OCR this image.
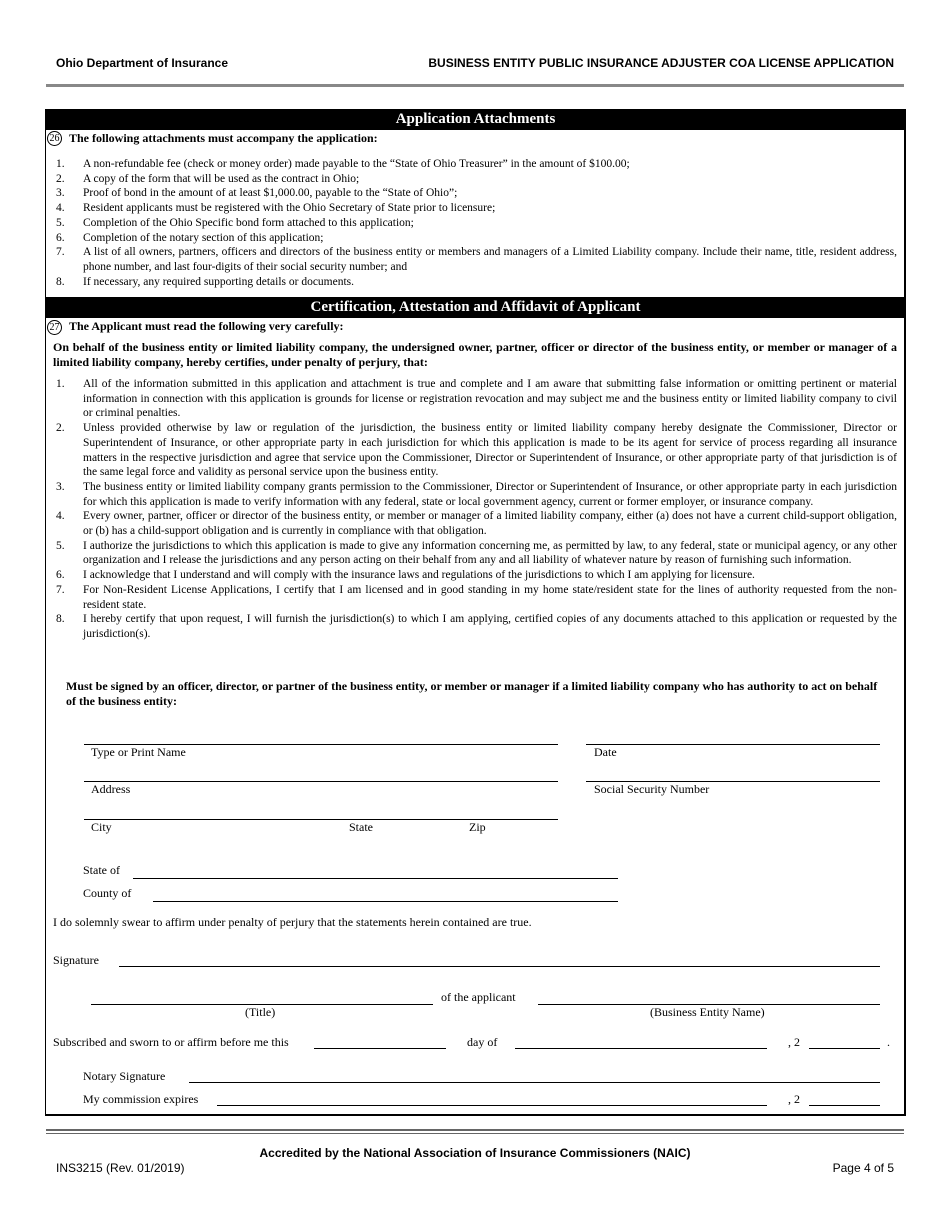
Ohio Department of Insurance	BUSINESS ENTITY PUBLIC INSURANCE ADJUSTER COA LICENSE APPLICATION
Application Attachments
26 The following attachments must accompany the application:
1. A non-refundable fee (check or money order) made payable to the “State of Ohio Treasurer” in the amount of $100.00;
2. A copy of the form that will be used as the contract in Ohio;
3. Proof of bond in the amount of at least $1,000.00, payable to the “State of Ohio”;
4. Resident applicants must be registered with the Ohio Secretary of State prior to licensure;
5. Completion of the Ohio Specific bond form attached to this application;
6. Completion of the notary section of this application;
7. A list of all owners, partners, officers and directors of the business entity or members and managers of a Limited Liability company. Include their name, title, resident address, phone number, and last four-digits of their social security number; and
8. If necessary, any required supporting details or documents.
Certification, Attestation and Affidavit of Applicant
27 The Applicant must read the following very carefully:
On behalf of the business entity or limited liability company, the undersigned owner, partner, officer or director of the business entity, or member or manager of a limited liability company, hereby certifies, under penalty of perjury, that:
1. All of the information submitted in this application and attachment is true and complete and I am aware that submitting false information or omitting pertinent or material information in connection with this application is grounds for license or registration revocation and may subject me and the business entity or limited liability company to civil or criminal penalties.
2. Unless provided otherwise by law or regulation of the jurisdiction, the business entity or limited liability company hereby designate the Commissioner, Director or Superintendent of Insurance, or other appropriate party in each jurisdiction for which this application is made to be its agent for service of process regarding all insurance matters in the respective jurisdiction and agree that service upon the Commissioner, Director or Superintendent of Insurance, or other appropriate party of that jurisdiction is of the same legal force and validity as personal service upon the business entity.
3. The business entity or limited liability company grants permission to the Commissioner, Director or Superintendent of Insurance, or other appropriate party in each jurisdiction for which this application is made to verify information with any federal, state or local government agency, current or former employer, or insurance company.
4. Every owner, partner, officer or director of the business entity, or member or manager of a limited liability company, either (a) does not have a current child-support obligation, or (b) has a child-support obligation and is currently in compliance with that obligation.
5. I authorize the jurisdictions to which this application is made to give any information concerning me, as permitted by law, to any federal, state or municipal agency, or any other organization and I release the jurisdictions and any person acting on their behalf from any and all liability of whatever nature by reason of furnishing such information.
6. I acknowledge that I understand and will comply with the insurance laws and regulations of the jurisdictions to which I am applying for licensure.
7. For Non-Resident License Applications, I certify that I am licensed and in good standing in my home state/resident state for the lines of authority requested from the non-resident state.
8. I hereby certify that upon request, I will furnish the jurisdiction(s) to which I am applying, certified copies of any documents attached to this application or requested by the jurisdiction(s).
Must be signed by an officer, director, or partner of the business entity, or member or manager if a limited liability company who has authority to act on behalf of the business entity:
Type or Print Name	Date
Address	Social Security Number
City	State	Zip
State of
County of
I do solemnly swear to affirm under penalty of perjury that the statements herein contained are true.
Signature
of the applicant
(Title)	(Business Entity Name)
Subscribed and sworn to or affirm before me this	day of	, 2	.
Notary Signature
My commission expires	, 2
Accredited by the National Association of Insurance Commissioners (NAIC)
INS3215 (Rev. 01/2019)	Page 4 of 5
